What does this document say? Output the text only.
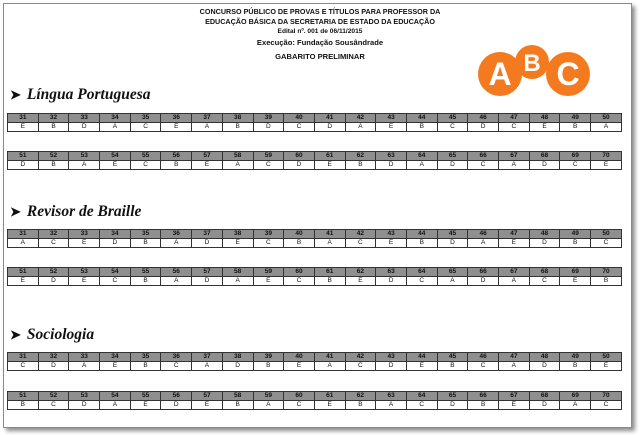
CONCURSO PÚBLICO DE PROVAS E TÍTULOS PARA PROFESSOR DA
EDUCAÇÃO BÁSICA DA SECRETARIA DE ESTADO DA EDUCAÇÃO
Edital nº. 001 de 06/11/2015
Execução: Fundação Sousândrade
GABARITO PRELIMINAR	A B C
Notícias
➤ Língua Portuguesa
31	32	33	34	35	36	37	38	39	40	41	42	43	44	45	46	47	48	49	50
E	B	D	A	C	E	A	B	D	C	D	A	E	B	C	D	C	E	B	A
51	52	53	54	55	56	57	58	59	60	61	62	63	64	65	66	67	68	69	70
D	B	A	E	C	B	E	A	C	D	E	B	D	A	D	C	A	D	C	E
➤ Revisor de Braille
31	32	33	34	35	36	37	38	39	40	41	42	43	44	45	46	47	48	49	50
A	C	E	D	B	A	D	E	C	B	A	C	E	B	D	A	E	D	B	C
51	52	53	54	55	56	57	58	59	60	61	62	63	64	65	66	67	68	69	70
E	D	E	C	B	A	D	A	E	C	B	E	D	C	A	D	A	C	E	B
➤ Sociologia
31	32	33	34	35	36	37	38	39	40	41	42	43	44	45	46	47	48	49	50
C	D	A	E	B	C	A	D	B	E	A	C	D	E	B	C	A	D	B	E
51	52	53	54	55	56	57	58	59	60	61	62	63	64	65	66	67	68	69	70
B	C	D	A	E	D	E	B	A	C	E	B	A	C	D	B	E	D	A	C
